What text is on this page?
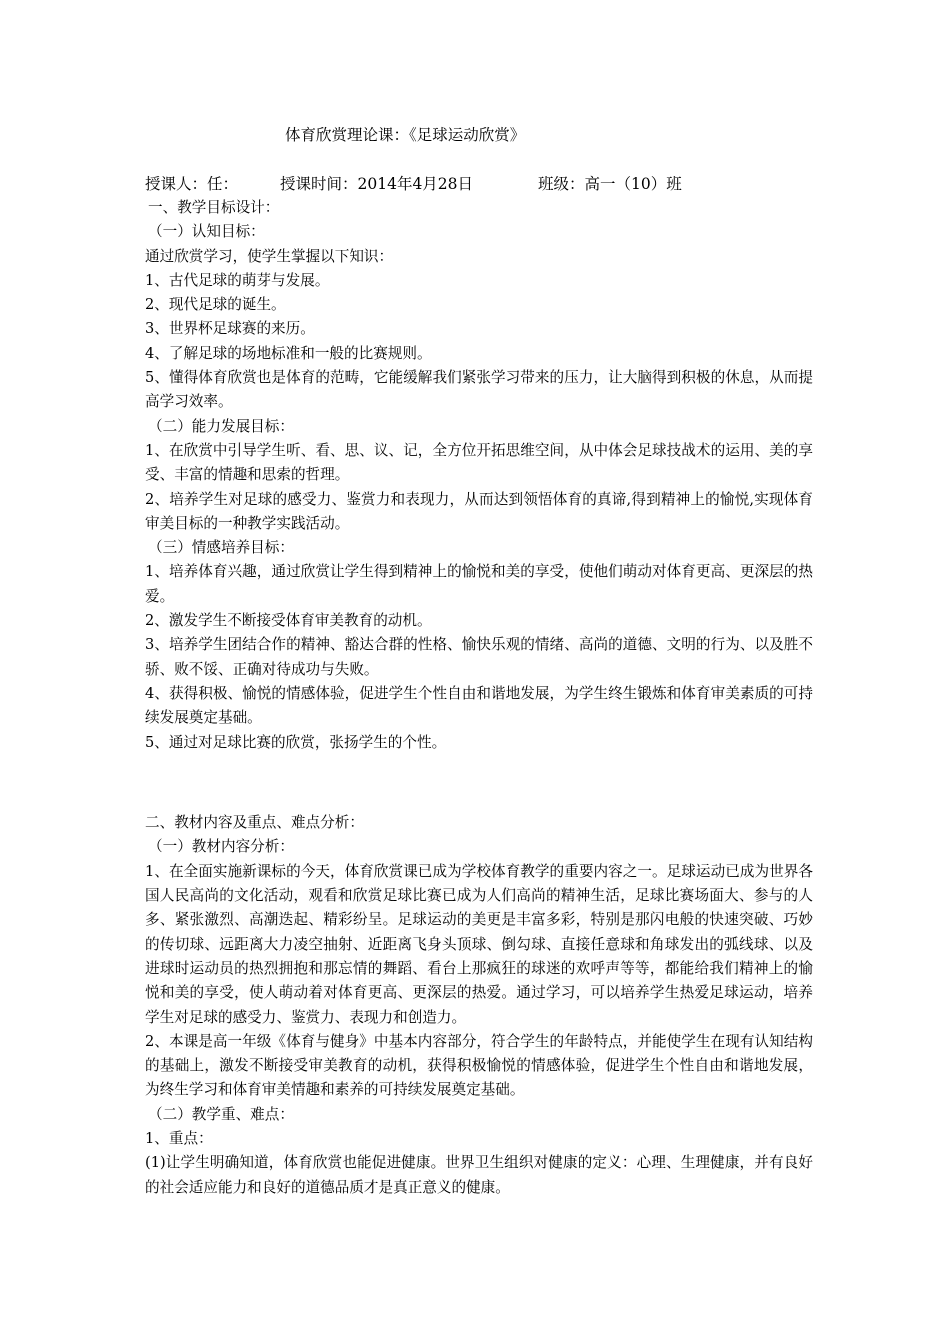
体育欣赏理论课：《足球运动欣赏》
授课人：任：	授课时间：2014年4月28日	班级：高一（10）班

一、教学目标设计：

（一）认知目标：

通过欣赏学习，使学生掌握以下知识：

1、古代足球的萌芽与发展。

2、现代足球的诞生。

3、世界杯足球赛的来历。

4、了解足球的场地标准和一般的比赛规则。

5、懂得体育欣赏也是体育的范畴，它能缓解我们紧张学习带来的压力，让大脑得到积极的休息，从而提高学习效率。

（二）能力发展目标：

1、在欣赏中引导学生听、看、思、议、记，全方位开拓思维空间，从中体会足球技战术的运用、美的享受、丰富的情趣和思索的哲理。

2、培养学生对足球的感受力、鉴赏力和表现力，从而达到领悟体育的真谛,得到精神上的愉悦,实现体育审美目标的一种教学实践活动。

（三）情感培养目标：

1、培养体育兴趣，通过欣赏让学生得到精神上的愉悦和美的享受，使他们萌动对体育更高、更深层的热爱。

2、激发学生不断接受体育审美教育的动机。

3、培养学生团结合作的精神、豁达合群的性格、愉快乐观的情绪、高尚的道德、文明的行为、以及胜不骄、败不馁、正确对待成功与失败。

4、获得积极、愉悦的情感体验，促进学生个性自由和谐地发展，为学生终生锻炼和体育审美素质的可持续发展奠定基础。

5、通过对足球比赛的欣赏，张扬学生的个性。

二、教材内容及重点、难点分析：

（一）教材内容分析：

1、在全面实施新课标的今天，体育欣赏课已成为学校体育教学的重要内容之一。足球运动已成为世界各国人民高尚的文化活动，观看和欣赏足球比赛已成为人们高尚的精神生活，足球比赛场面大、参与的人多、紧张激烈、高潮迭起、精彩纷呈。足球运动的美更是丰富多彩，特别是那闪电般的快速突破、巧妙的传切球、远距离大力凌空抽射、近距离飞身头顶球、倒勾球、直接任意球和角球发出的弧线球、以及进球时运动员的热烈拥抱和那忘情的舞蹈、看台上那疯狂的球迷的欢呼声等等，都能给我们精神上的愉悦和美的享受，使人萌动着对体育更高、更深层的热爱。通过学习，可以培养学生热爱足球运动，培养学生对足球的感受力、鉴赏力、表现力和创造力。

2、本课是高一年级《体育与健身》中基本内容部分，符合学生的年龄特点，并能使学生在现有认知结构的基础上，激发不断接受审美教育的动机，获得积极愉悦的情感体验，促进学生个性自由和谐地发展，为终生学习和体育审美情趣和素养的可持续发展奠定基础。

（二）教学重、难点：

1、重点：

(1)让学生明确知道，体育欣赏也能促进健康。世界卫生组织对健康的定义：心理、生理健康，并有良好的社会适应能力和良好的道德品质才是真正意义的健康。
